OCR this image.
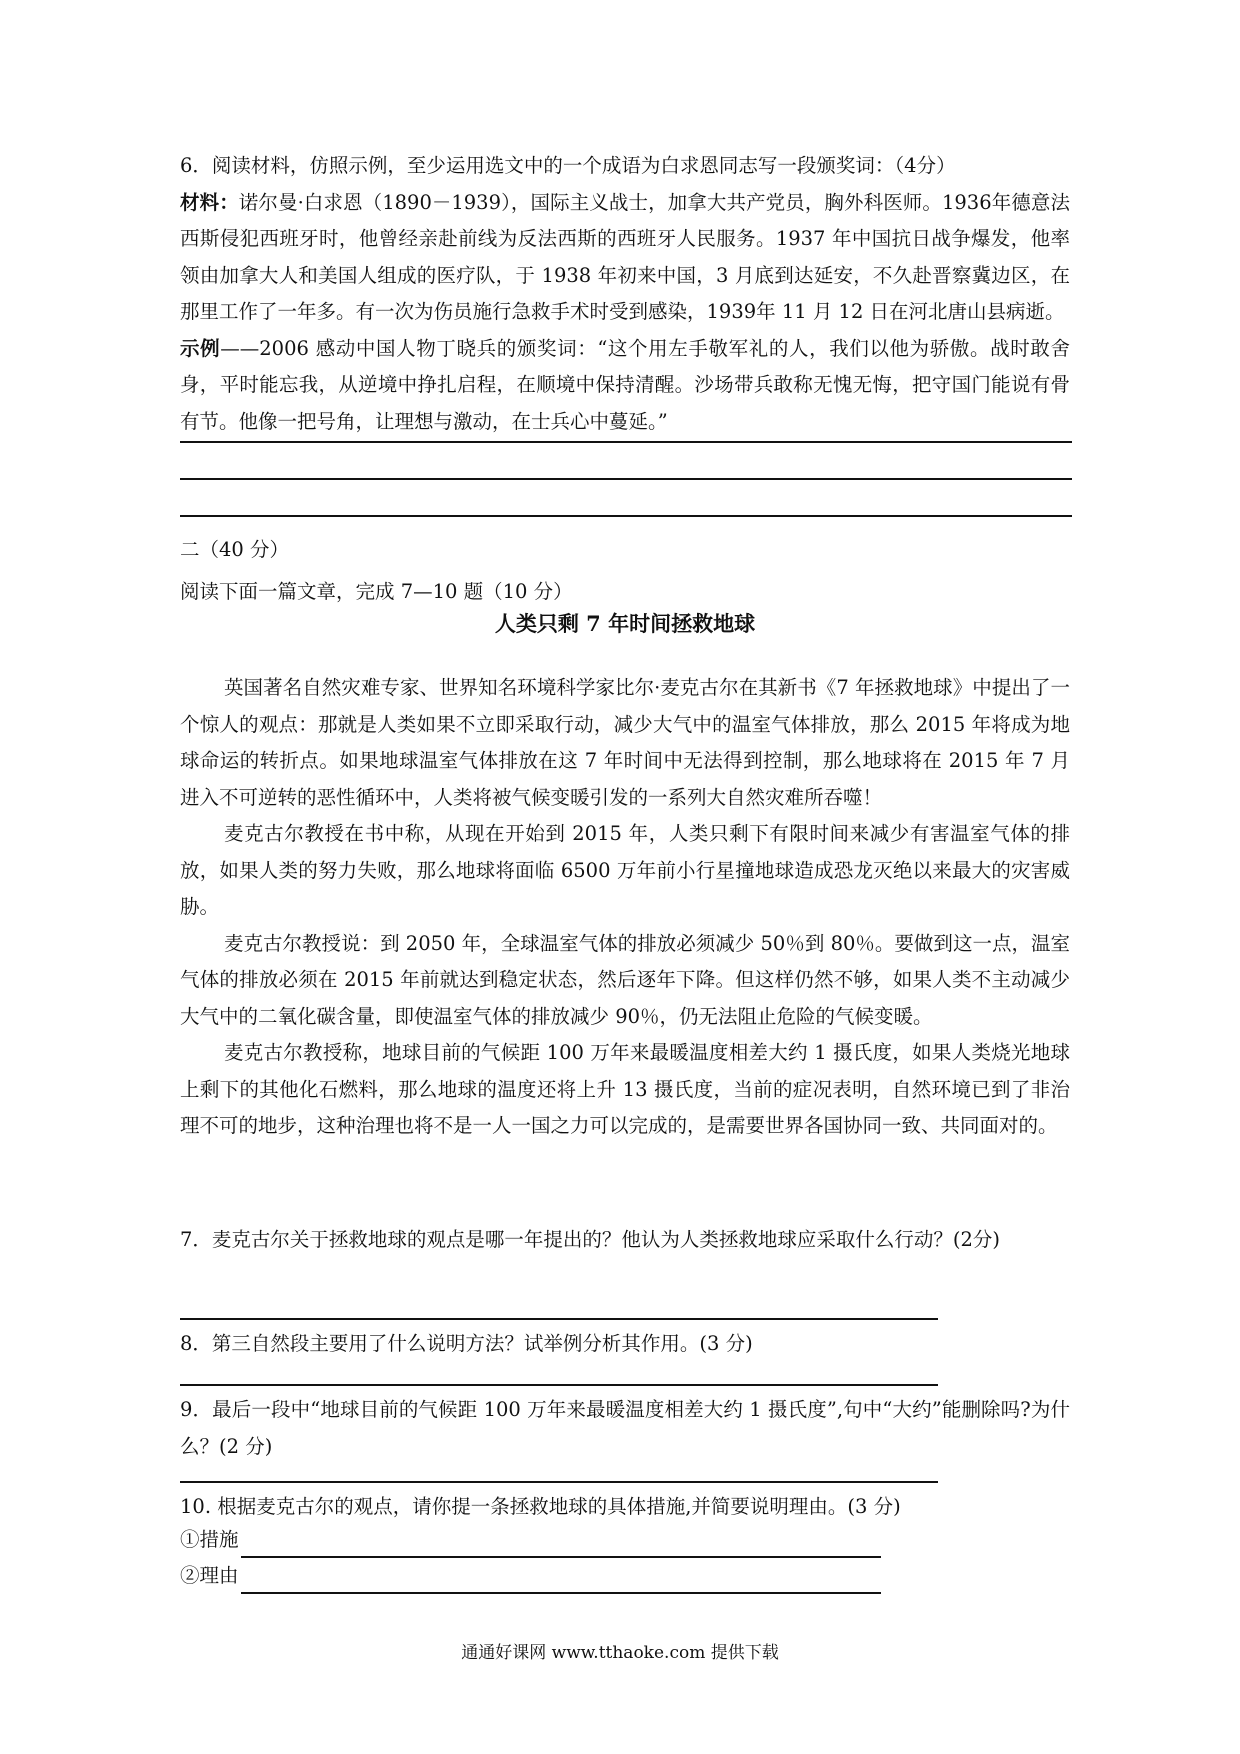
6．阅读材料，仿照示例，至少运用选文中的一个成语为白求恩同志写一段颁奖词：（4分）

材料：诺尔曼·白求恩（1890－1939），国际主义战士，加拿大共产党员，胸外科医师。1936年德意法西斯侵犯西班牙时，他曾经亲赴前线为反法西斯的西班牙人民服务。1937 年中国抗日战争爆发，他率领由加拿大人和美国人组成的医疗队，于 1938 年初来中国，3 月底到达延安，不久赴晋察冀边区，在那里工作了一年多。有一次为伤员施行急救手术时受到感染，1939年 11 月 12 日在河北唐山县病逝。

示例——2006 感动中国人物丁晓兵的颁奖词：“这个用左手敬军礼的人，我们以他为骄傲。战时敢舍身，平时能忘我，从逆境中挣扎启程，在顺境中保持清醒。沙场带兵敢称无愧无悔，把守国门能说有骨有节。他像一把号角，让理想与激动，在士兵心中蔓延。”

二（40 分）

阅读下面一篇文章，完成 7—10 题（10 分）

人类只剩 7 年时间拯救地球

英国著名自然灾难专家、世界知名环境科学家比尔·麦克古尔在其新书《7 年拯救地球》中提出了一个惊人的观点：那就是人类如果不立即采取行动，减少大气中的温室气体排放，那么 2015 年将成为地球命运的转折点。如果地球温室气体排放在这 7 年时间中无法得到控制，那么地球将在 2015 年 7 月进入不可逆转的恶性循环中，人类将被气候变暖引发的一系列大自然灾难所吞噬！

麦克古尔教授在书中称，从现在开始到 2015 年，人类只剩下有限时间来减少有害温室气体的排放，如果人类的努力失败，那么地球将面临 6500 万年前小行星撞地球造成恐龙灭绝以来最大的灾害威胁。

麦克古尔教授说：到 2050 年，全球温室气体的排放必须减少 50％到 80％。要做到这一点，温室气体的排放必须在 2015 年前就达到稳定状态，然后逐年下降。但这样仍然不够，如果人类不主动减少大气中的二氧化碳含量，即使温室气体的排放减少 90％，仍无法阻止危险的气候变暖。

麦克古尔教授称，地球目前的气候距 100 万年来最暖温度相差大约 1 摄氏度，如果人类烧光地球上剩下的其他化石燃料，那么地球的温度还将上升 13 摄氏度，当前的症况表明，自然环境已到了非治理不可的地步，这种治理也将不是一人一国之力可以完成的，是需要世界各国协同一致、共同面对的。

7．麦克古尔关于拯救地球的观点是哪一年提出的？他认为人类拯救地球应采取什么行动？(2分)

8．第三自然段主要用了什么说明方法？试举例分析其作用。(3 分)

9．最后一段中“地球目前的气候距 100 万年来最暖温度相差大约 1 摄氏度”,句中“大约”能删除吗?为什么？(2 分)

10. 根据麦克古尔的观点，请你提一条拯救地球的具体措施,并简要说明理由。(3 分)

①措施
②理由
通通好课网 www.tthaoke.com 提供下载
